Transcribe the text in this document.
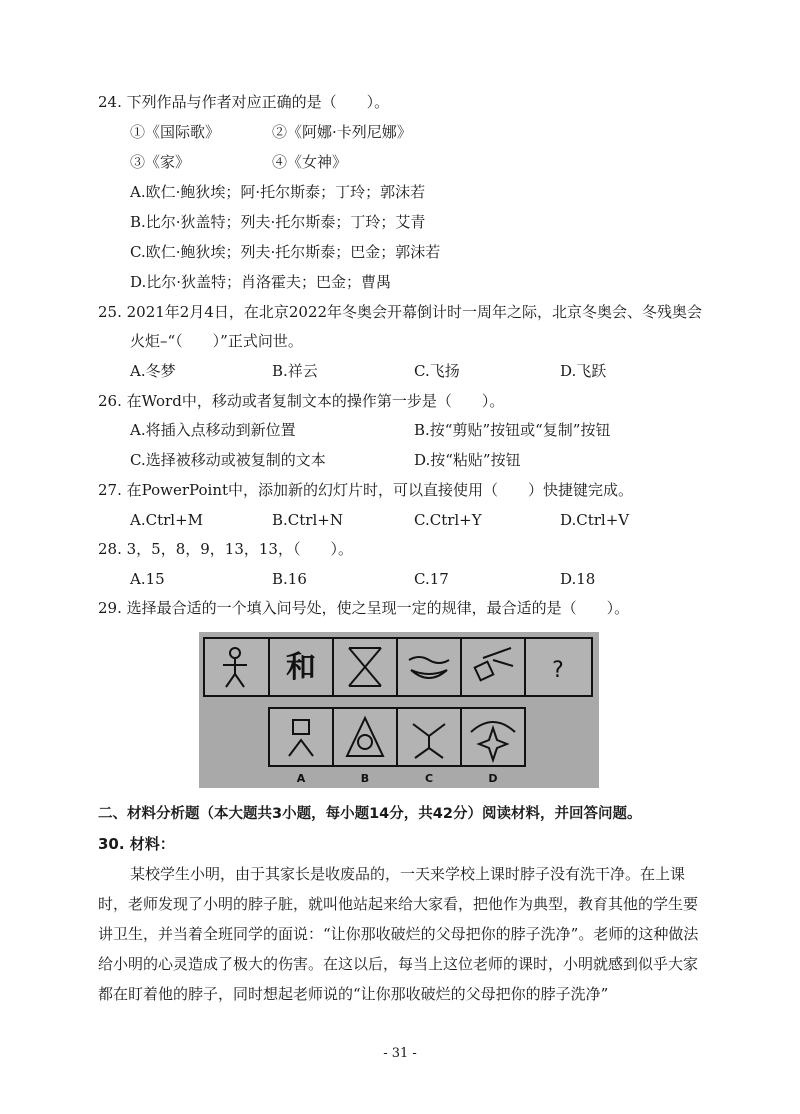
24. 下列作品与作者对应正确的是（　　）。
①《国际歌》	②《阿娜·卡列尼娜》
③《家》	④《女神》
A.欧仁·鲍狄埃；阿·托尔斯泰；丁玲；郭沫若
B.比尔·狄盖特；列夫·托尔斯泰；丁玲；艾青
C.欧仁·鲍狄埃；列夫·托尔斯泰；巴金；郭沫若
D.比尔·狄盖特；肖洛霍夫；巴金；曹禺
25. 2021年2月4日，在北京2022年冬奥会开幕倒计时一周年之际，北京冬奥会、冬残奥会
火炬–“（　　）”正式问世。
A.冬梦	B.祥云	C.飞扬	D.飞跃
26. 在Word中，移动或者复制文本的操作第一步是（　　）。
A.将插入点移动到新位置	B.按“剪贴”按钮或“复制”按钮
C.选择被移动或被复制的文本	D.按“粘贴”按钮
27. 在PowerPoint中，添加新的幻灯片时，可以直接使用（　　）快捷键完成。
A.Ctrl+M	B.Ctrl+N	C.Ctrl+Y	D.Ctrl+V
28. 3，5，8，9，13，13，（　　）。
A.15	B.16	C.17	D.18
29. 选择最合适的一个填入问号处，使之呈现一定的规律，最合适的是（　　）。
和	?
A	B	C	D
二、材料分析题（本大题共3小题，每小题14分，共42分）阅读材料，并回答问题。
30. 材料：
某校学生小明，由于其家长是收废品的，一天来学校上课时脖子没有洗干净。在上课时，老师发现了小明的脖子脏，就叫他站起来给大家看，把他作为典型，教育其他的学生要讲卫生，并当着全班同学的面说：“让你那收破烂的父母把你的脖子洗净”。老师的这种做法给小明的心灵造成了极大的伤害。在这以后，每当上这位老师的课时，小明就感到似乎大家都在盯着他的脖子，同时想起老师说的“让你那收破烂的父母把你的脖子洗净”
- 31 -
